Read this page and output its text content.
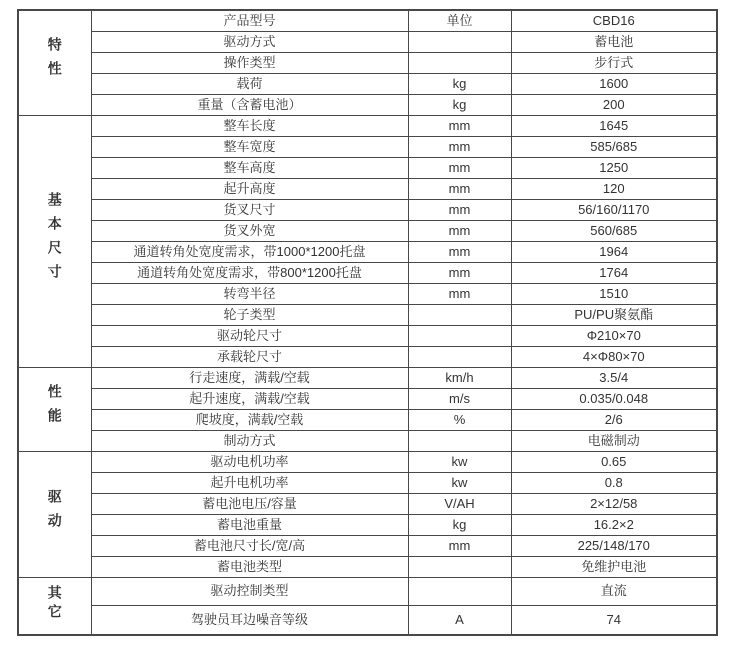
特性	产品型号	单位	CBD16
	驱动方式		蓄电池
	操作类型		步行式
	载荷	kg	1600
	重量（含蓄电池）	kg	200
基本尺寸	整车长度	mm	1645
	整车宽度	mm	585/685
	整车高度	mm	1250
	起升高度	mm	120
	货叉尺寸	mm	56/160/1170
	货叉外宽	mm	560/685
	通道转角处宽度需求，带1000*1200托盘	mm	1964
	通道转角处宽度需求，带800*1200托盘	mm	1764
	转弯半径	mm	1510
	轮子类型		PU/PU聚氨酯
	驱动轮尺寸		Φ210×70
	承载轮尺寸		4×Φ80×70
性能	行走速度，满载/空载	km/h	3.5/4
	起升速度，满载/空载	m/s	0.035/0.048
	爬坡度，满载/空载	%	2/6
	制动方式		电磁制动
驱动	驱动电机功率	kw	0.65
	起升电机功率	kw	0.8
	蓄电池电压/容量	V/AH	2×12/58
	蓄电池重量	kg	16.2×2
	蓄电池尺寸长/宽/高	mm	225/148/170
	蓄电池类型		免维护电池
其它	驱动控制类型		直流
	驾驶员耳边噪音等级	A	74
